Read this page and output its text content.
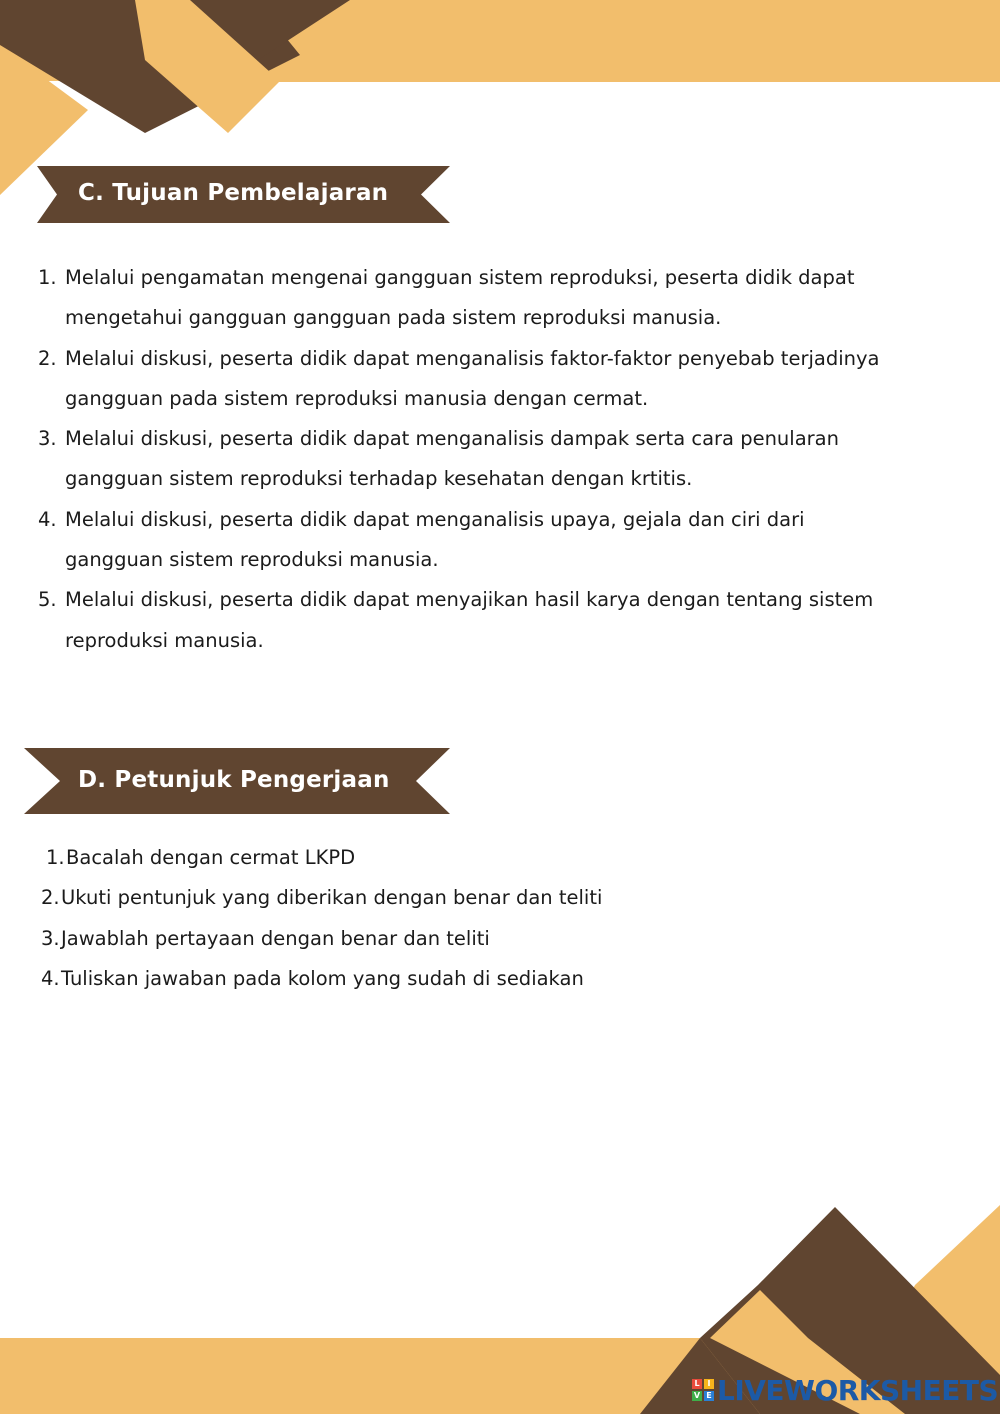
C. Tujuan Pembelajaran
1. Melalui pengamatan mengenai gangguan sistem reproduksi, peserta didik dapat mengetahui gangguan gangguan pada sistem reproduksi manusia.
2. Melalui diskusi, peserta didik dapat menganalisis faktor-faktor penyebab terjadinya gangguan pada sistem reproduksi manusia dengan cermat.
3. Melalui diskusi, peserta didik dapat menganalisis dampak serta cara penularan gangguan sistem reproduksi terhadap kesehatan dengan krtitis.
4. Melalui diskusi, peserta didik dapat menganalisis upaya, gejala dan ciri dari gangguan sistem reproduksi manusia.
5. Melalui diskusi, peserta didik dapat menyajikan hasil karya dengan tentang sistem reproduksi manusia.
D. Petunjuk Pengerjaan
1. Bacalah dengan cermat LKPD
2. Ukuti pentunjuk yang diberikan dengan benar dan teliti
3. Jawablah pertayaan dengan benar dan teliti
4. Tuliskan jawaban pada kolom yang sudah di sediakan
L I
V E LIVEWORKSHEETS
